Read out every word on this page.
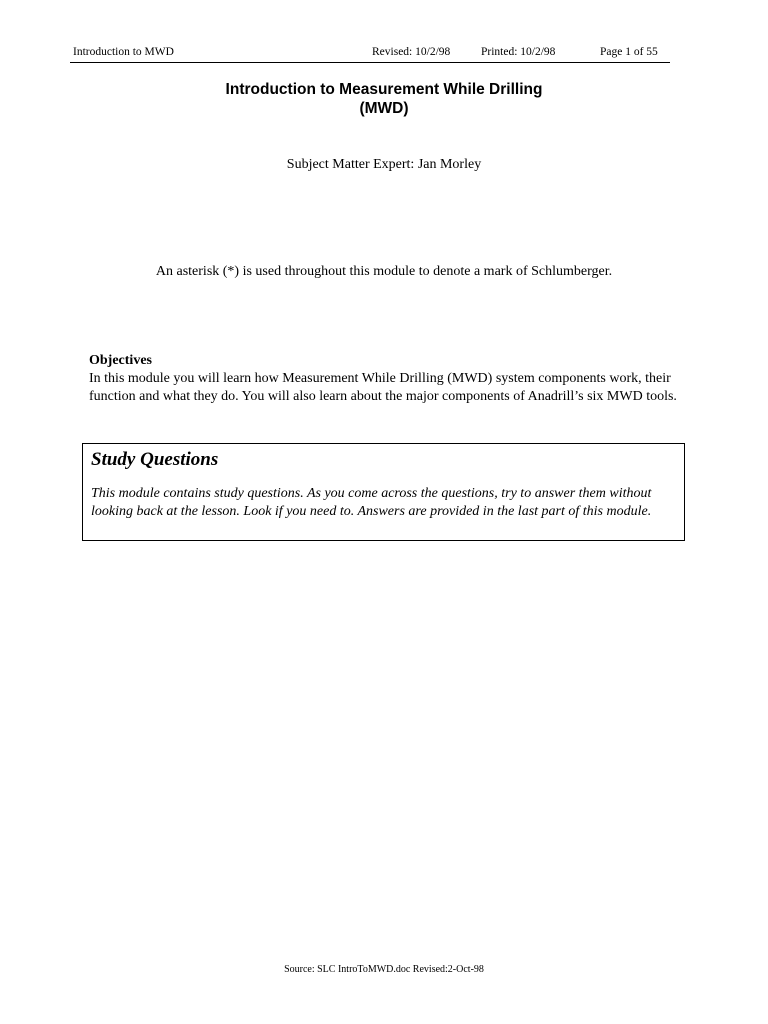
Introduction to MWD	Revised: 10/2/98	Printed: 10/2/98	Page 1 of 55
Introduction to Measurement While Drilling
(MWD)
Subject Matter Expert: Jan Morley
An asterisk (*) is used throughout this module to denote a mark of Schlumberger.
Objectives
In this module you will learn how Measurement While Drilling (MWD) system components work, their function and what they do. You will also learn about the major components of Anadrill’s six MWD tools.
Study Questions
This module contains study questions. As you come across the questions, try to answer them without looking back at the lesson. Look if you need to. Answers are provided in the last part of this module.
Source: SLC IntroToMWD.doc Revised:2-Oct-98
